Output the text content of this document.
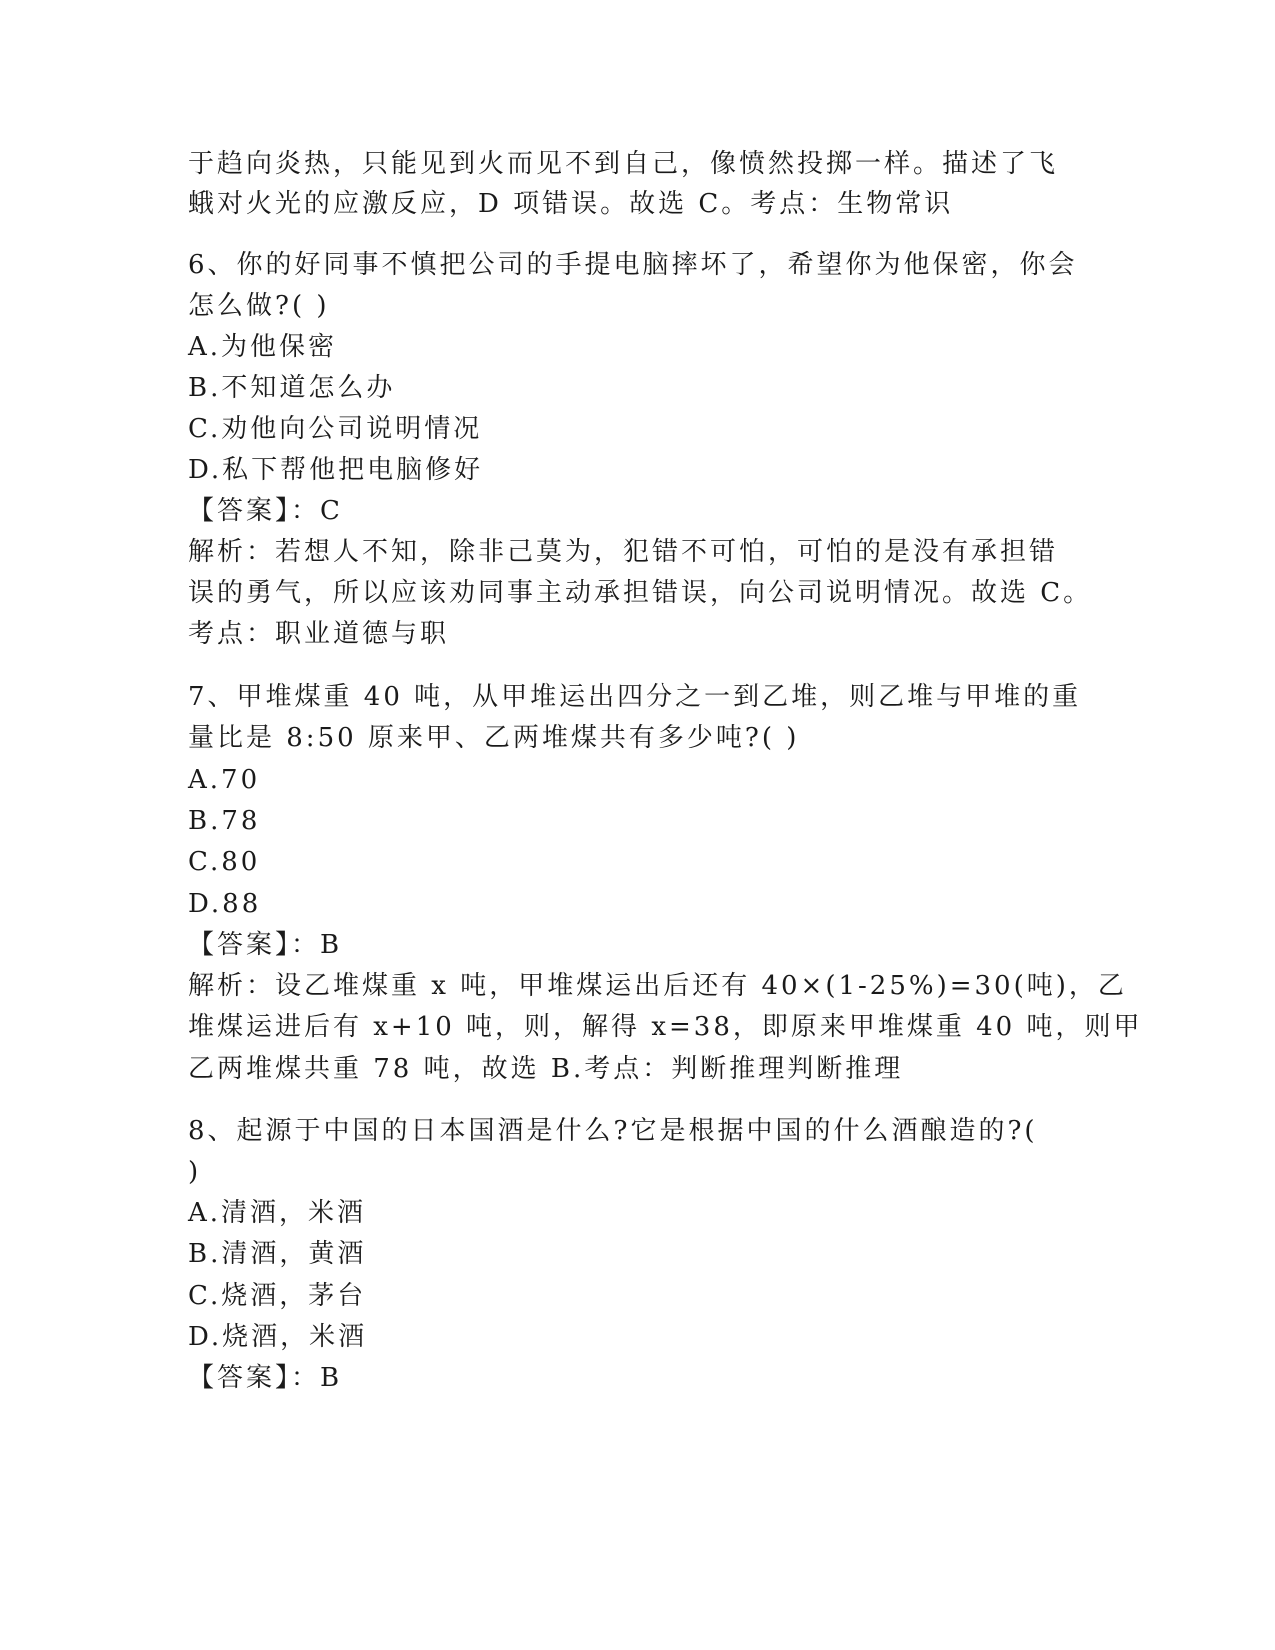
于趋向炎热，只能见到火而见不到自己，像愤然投掷一样。描述了飞
蛾对火光的应激反应，D 项错误。故选 C。考点：生物常识
6、你的好同事不慎把公司的手提电脑摔坏了，希望你为他保密，你会
怎么做?( )
A.为他保密
B.不知道怎么办
C.劝他向公司说明情况
D.私下帮他把电脑修好
【答案】：C
解析：若想人不知，除非己莫为，犯错不可怕，可怕的是没有承担错
误的勇气，所以应该劝同事主动承担错误，向公司说明情况。故选 C。
考点：职业道德与职
7、甲堆煤重 40 吨，从甲堆运出四分之一到乙堆，则乙堆与甲堆的重
量比是 8:50 原来甲、乙两堆煤共有多少吨?( )
A.70
B.78
C.80
D.88
【答案】：B
解析：设乙堆煤重 x 吨，甲堆煤运出后还有 40×(1-25%)=30(吨)，乙
堆煤运进后有 x+10 吨，则，解得 x=38，即原来甲堆煤重 40 吨，则甲
乙两堆煤共重 78 吨，故选 B.考点：判断推理判断推理
8、起源于中国的日本国酒是什么?它是根据中国的什么酒酿造的?(
)
A.清酒，米酒
B.清酒，黄酒
C.烧酒，茅台
D.烧酒，米酒
【答案】：B
